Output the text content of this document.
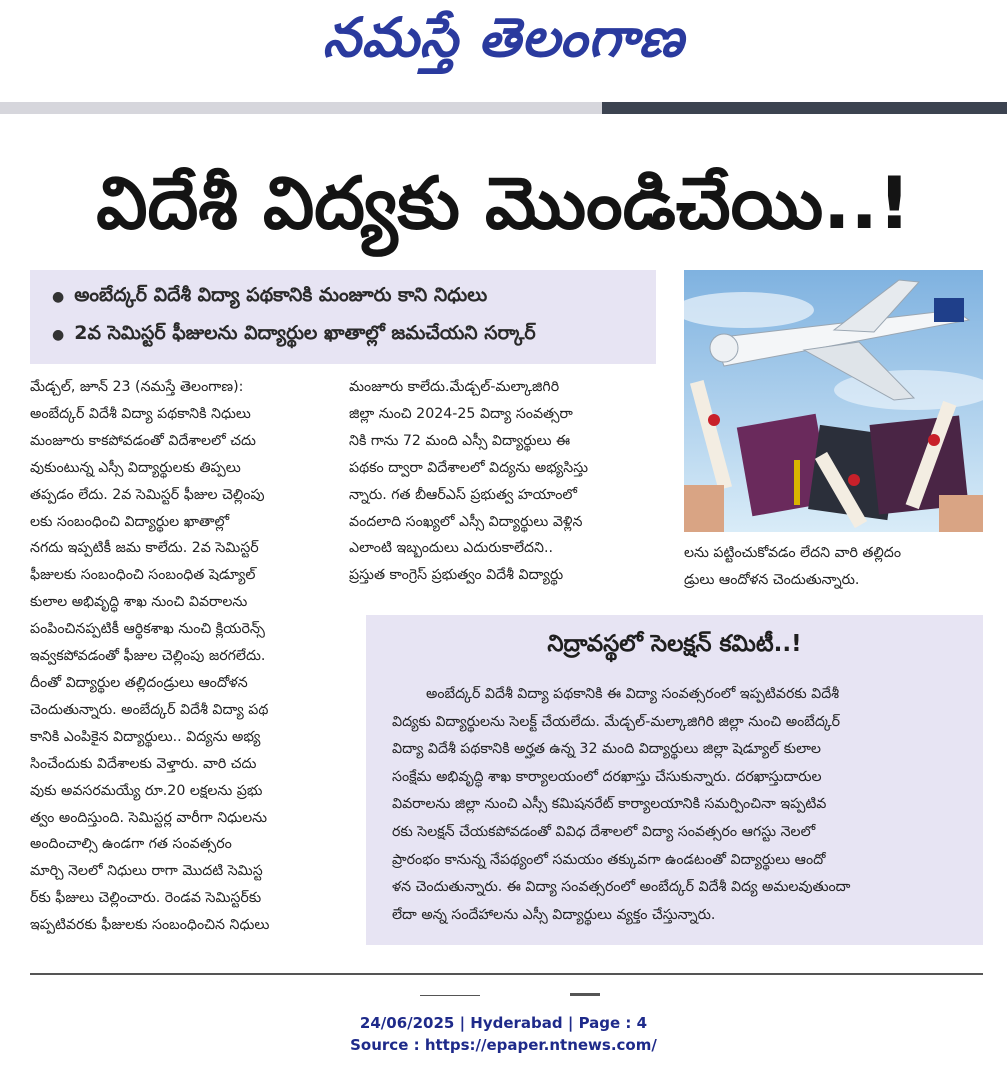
నమస్తే తెలంగాణ
విదేశీ విద్యకు మొండిచేయి..!
● అంబేద్కర్ విదేశీ విద్యా పథకానికి మంజూరు కాని నిధులు
● 2వ సెమిస్టర్ ఫీజులను విద్యార్థుల ఖాతాల్లో జమచేయని సర్కార్
మేడ్చల్, జూన్ 23 (నమస్తే తెలంగాణ):
అంబేద్కర్ విదేశీ విద్యా పథకానికి నిధులు
మంజూరు కాకపోవడంతో విదేశాలలో చదు
వుకుంటున్న ఎస్సీ విద్యార్థులకు తిప్పలు
తప్పడం లేదు. 2వ సెమిస్టర్ ఫీజుల చెల్లింపు
లకు సంబంధించి విద్యార్థుల ఖాతాల్లో
నగదు ఇప్పటికీ జమ కాలేదు. 2వ సెమిస్టర్
ఫీజులకు సంబంధించి సంబంధిత షెడ్యూల్
కులాల అభివృద్ధి శాఖ నుంచి వివరాలను
పంపించినప్పటికీ ఆర్థికశాఖ నుంచి క్లియరెన్స్
ఇవ్వకపోవడంతో ఫీజుల చెల్లింపు జరగలేదు.
దీంతో విద్యార్థుల తల్లిదండ్రులు ఆందోళన
చెందుతున్నారు. అంబేద్కర్ విదేశీ విద్యా పథ
కానికి ఎంపికైన విద్యార్థులు.. విద్యను అభ్య
సించేందుకు విదేశాలకు వెళ్తారు. వారి చదు
వుకు అవసరమయ్యే రూ.20 లక్షలను ప్రభు
త్వం అందిస్తుంది. సెమిస్టర్ల వారీగా నిధులను
అందించాల్సి ఉండగా గత సంవత్సరం
మార్చి నెలలో నిధులు రాగా మొదటి సెమిస్ట
ర్‌కు ఫీజులు చెల్లించారు. రెండవ సెమిస్టర్‌కు
ఇప్పటివరకు ఫీజులకు సంబంధించిన నిధులు
మంజూరు కాలేదు.మేడ్చల్-మల్కాజిగిరి
జిల్లా నుంచి 2024-25 విద్యా సంవత్సరా
నికి గాను 72 మంది ఎస్సీ విద్యార్థులు ఈ
పథకం ద్వారా విదేశాలలో విద్యను అభ్యసిస్తు
న్నారు. గత బీఆర్ఎస్ ప్రభుత్వ హయాంలో
వందలాది సంఖ్యలో ఎస్సీ విద్యార్థులు వెళ్లిన
ఎలాంటి ఇబ్బందులు ఎదురుకాలేదని..
ప్రస్తుత కాంగ్రెస్ ప్రభుత్వం విదేశీ విద్యార్థు
లను పట్టించుకోవడం లేదని వారి తల్లిదం
డ్రులు ఆందోళన చెందుతున్నారు.
నిద్రావస్థలో సెలక్షన్ కమిటీ..!
అంబేద్కర్ విదేశీ విద్యా పథకానికి ఈ విద్యా సంవత్సరంలో ఇప్పటివరకు విదేశీ
విద్యకు విద్యార్థులను సెలక్ట్ చేయలేదు. మేడ్చల్-మల్కాజిగిరి జిల్లా నుంచి అంబేద్కర్
విద్యా విదేశీ పథకానికి అర్హత ఉన్న 32 మంది విద్యార్థులు జిల్లా షెడ్యూల్ కులాల
సంక్షేమ అభివృద్ధి శాఖ కార్యాలయంలో దరఖాస్తు చేసుకున్నారు. దరఖాస్తుదారుల
వివరాలను జిల్లా నుంచి ఎస్సీ కమిషనరేట్ కార్యాలయానికి సమర్పించినా ఇప్పటివ
రకు సెలక్షన్ చేయకపోవడంతో వివిధ దేశాలలో విద్యా సంవత్సరం ఆగస్టు నెలలో
ప్రారంభం కానున్న నేపథ్యంలో సమయం తక్కువగా ఉండటంతో విద్యార్థులు ఆందో
ళన చెందుతున్నారు. ఈ విద్యా సంవత్సరంలో అంబేద్కర్ విదేశీ విద్య అమలవుతుందా
లేదా అన్న సందేహాలను ఎస్సీ విద్యార్థులు వ్యక్తం చేస్తున్నారు.
24/06/2025 | Hyderabad | Page : 4
Source : https://epaper.ntnews.com/
